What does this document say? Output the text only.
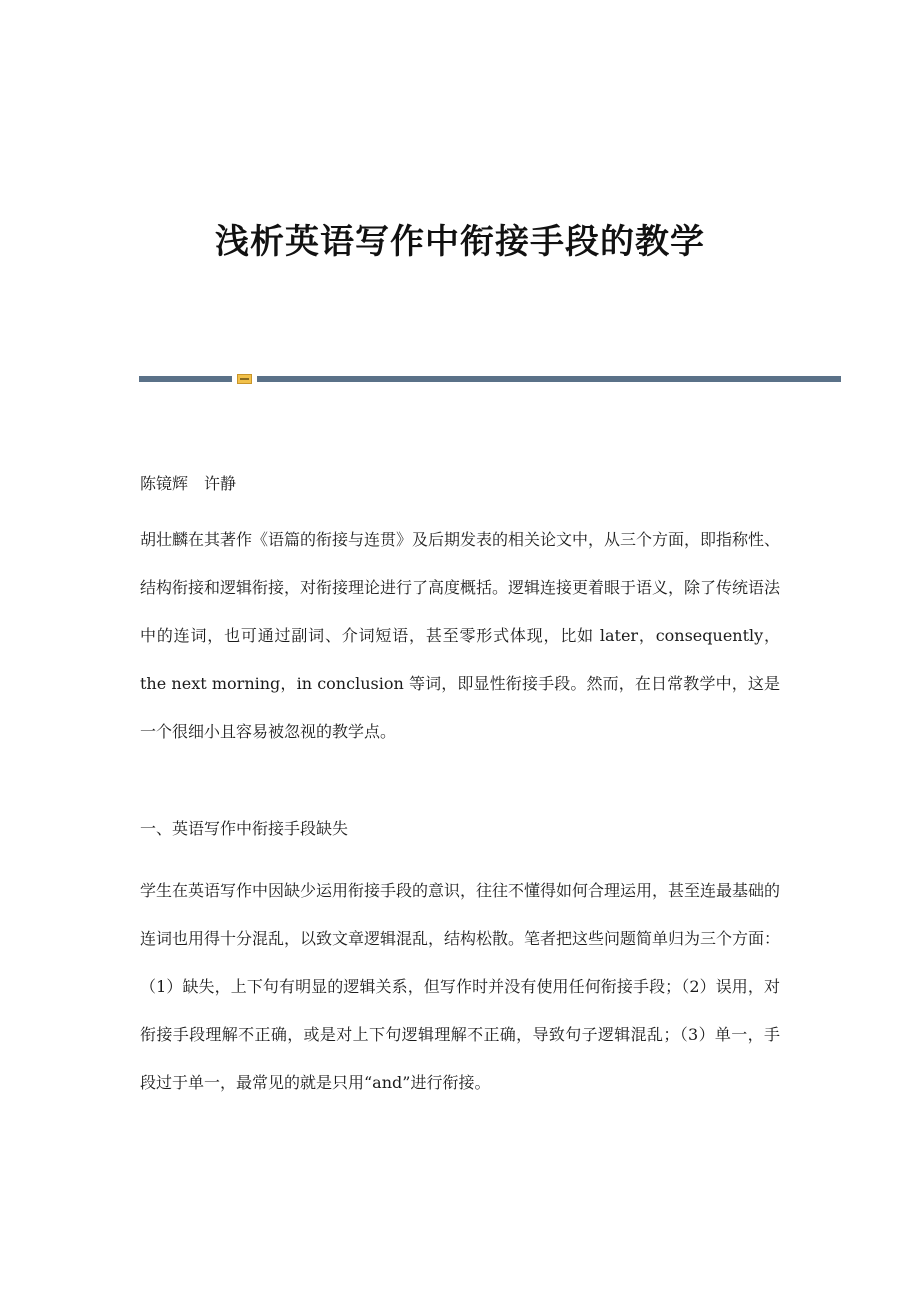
浅析英语写作中衔接手段的教学
陈镜辉　许静

胡壮麟在其著作《语篇的衔接与连贯》及后期发表的相关论文中，从三个方面，即指称性、结构衔接和逻辑衔接，对衔接理论进行了高度概括。逻辑连接更着眼于语义，除了传统语法中的连词，也可通过副词、介词短语，甚至零形式体现，比如 later，consequently，the next morning，in conclusion 等词，即显性衔接手段。然而，在日常教学中，这是一个很细小且容易被忽视的教学点。

一、英语写作中衔接手段缺失

学生在英语写作中因缺少运用衔接手段的意识，往往不懂得如何合理运用，甚至连最基础的连词也用得十分混乱，以致文章逻辑混乱，结构松散。笔者把这些问题简单归为三个方面：（1）缺失，上下句有明显的逻辑关系，但写作时并没有使用任何衔接手段；（2）误用，对衔接手段理解不正确，或是对上下句逻辑理解不正确，导致句子逻辑混乱；（3）单一，手段过于单一，最常见的就是只用“and”进行衔接。
